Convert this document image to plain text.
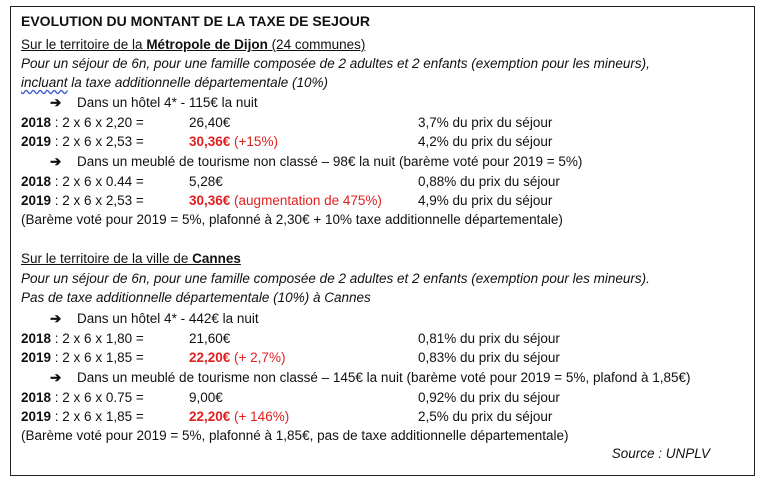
EVOLUTION DU MONTANT DE LA TAXE DE SEJOUR
Sur le territoire de la Métropole de Dijon (24 communes)
Pour un séjour de 6n, pour une famille composée de 2 adultes et 2 enfants (exemption pour les mineurs),
incluant la taxe additionnelle départementale (10%)
➔ Dans un hôtel 4* - 115€ la nuit
2018 : 2 x 6 x 2,20 =	26,40€	3,7% du prix du séjour
2019 : 2 x 6 x 2,53 =	30,36€ (+15%)	4,2% du prix du séjour
➔ Dans un meublé de tourisme non classé – 98€ la nuit (barème voté pour 2019 = 5%)
2018 : 2 x 6 x 0.44 =	5,28€	0,88% du prix du séjour
2019 : 2 x 6 x 2,53 =	30,36€ (augmentation de 475%)	4,9% du prix du séjour
(Barème voté pour 2019 = 5%, plafonné à 2,30€ + 10% taxe additionnelle départementale)
Sur le territoire de la ville de Cannes
Pour un séjour de 6n, pour une famille composée de 2 adultes et 2 enfants (exemption pour les mineurs).
Pas de taxe additionnelle départementale (10%) à Cannes
➔ Dans un hôtel 4* - 442€ la nuit
2018 : 2 x 6 x 1,80 =	21,60€	0,81% du prix du séjour
2019 : 2 x 6 x 1,85 =	22,20€ (+ 2,7%)	0,83% du prix du séjour
➔ Dans un meublé de tourisme non classé – 145€ la nuit (barème voté pour 2019 = 5%, plafond à 1,85€)
2018 : 2 x 6 x 0.75 =	9,00€	0,92% du prix du séjour
2019 : 2 x 6 x 1,85 =	22,20€ (+ 146%)	2,5% du prix du séjour
(Barème voté pour 2019 = 5%, plafonné à 1,85€, pas de taxe additionnelle départementale)
Source : UNPLV
